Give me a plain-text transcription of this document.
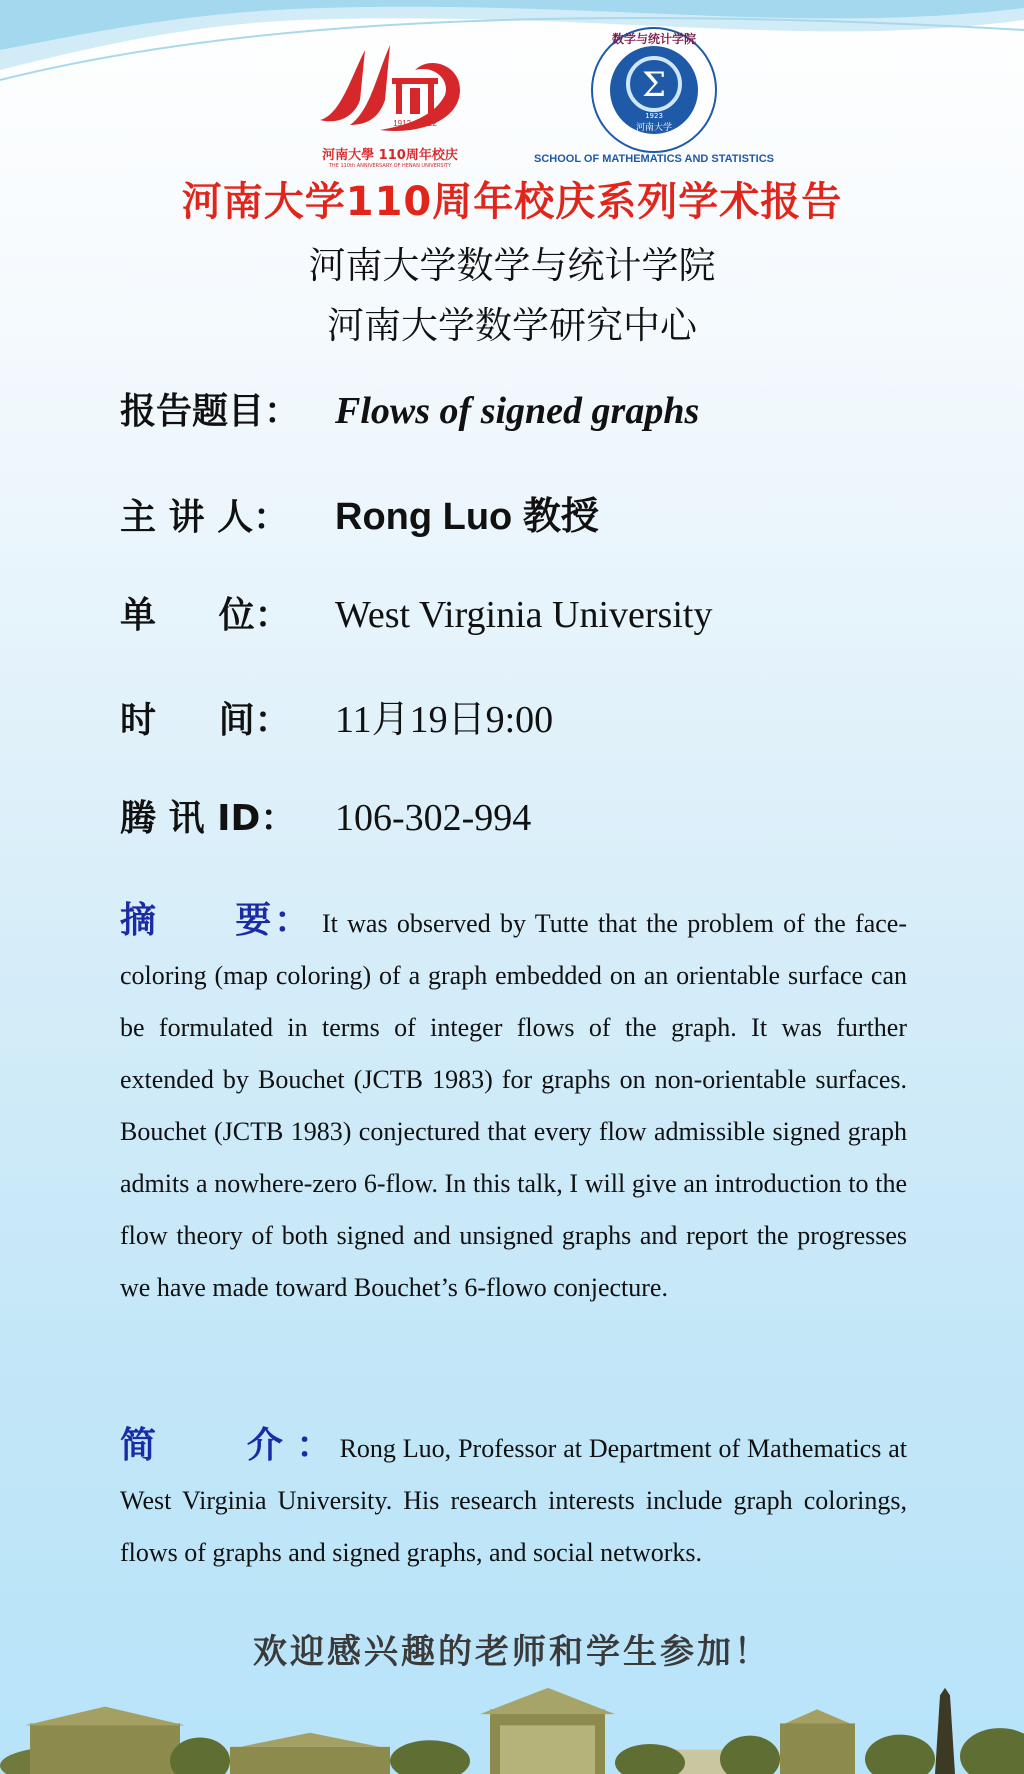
1912—2022
河南大學 110周年校庆
THE 110th ANNIVERSARY OF HENAN UNIVERSITY
Σ
1923
河南大学
数学与统计学院
SCHOOL OF MATHEMATICS AND STATISTICS
河南大学110周年校庆系列学术报告
河南大学数学与统计学院
河南大学数学研究中心
报告题目： Flows of signed graphs
主 讲 人：	Rong Luo 教授
单     位：	West Virginia University
时     间：	11月19日9:00
腾 讯 ID：	106-302-994
摘     要： It was observed by Tutte that the problem of the face-coloring (map coloring) of a graph embedded on an orientable surface can be formulated in terms of integer flows of the graph. It was further extended by Bouchet (JCTB 1983) for graphs on non-orientable surfaces. Bouchet (JCTB 1983) conjectured that every flow admissible signed graph admits a nowhere-zero 6-flow. In this talk, I will give an introduction to the flow theory of both signed and unsigned graphs and report the progresses we have made toward Bouchet’s 6-flowo conjecture.
简       介 ： Rong Luo, Professor at Department of Mathematics at West Virginia University. His research interests include graph colorings, flows of graphs and signed graphs, and social networks.
欢迎感兴趣的老师和学生参加！
